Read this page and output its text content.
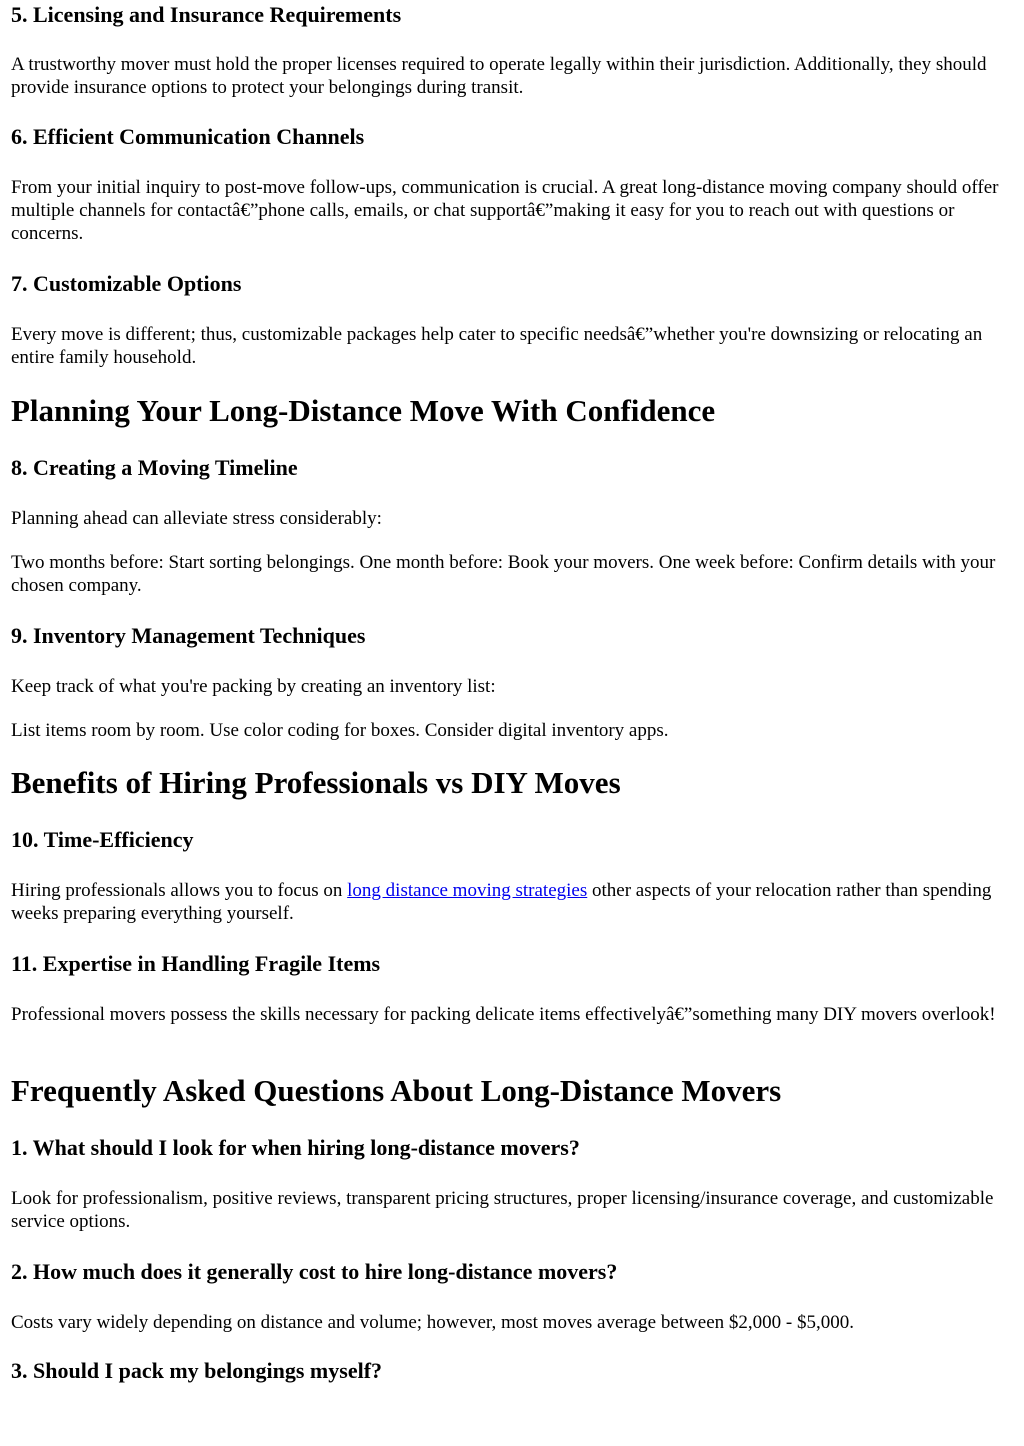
5. Licensing and Insurance Requirements

A trustworthy mover must hold the proper licenses required to operate legally within their jurisdiction. Additionally, they should provide insurance options to protect your belongings during transit.

6. Efficient Communication Channels

From your initial inquiry to post-move follow-ups, communication is crucial. A great long-distance moving company should offer multiple channels for contactâ€”phone calls, emails, or chat supportâ€”making it easy for you to reach out with questions or concerns.

7. Customizable Options

Every move is different; thus, customizable packages help cater to specific needsâ€”whether you're downsizing or relocating an entire family household.

Planning Your Long-Distance Move With Confidence
8. Creating a Moving Timeline

Planning ahead can alleviate stress considerably:

Two months before: Start sorting belongings. One month before: Book your movers. One week before: Confirm details with your chosen company.

9. Inventory Management Techniques

Keep track of what you're packing by creating an inventory list:

List items room by room. Use color coding for boxes. Consider digital inventory apps.

Benefits of Hiring Professionals vs DIY Moves
10. Time-Efficiency

Hiring professionals allows you to focus on long distance moving strategies other aspects of your relocation rather than spending weeks preparing everything yourself.

11. Expertise in Handling Fragile Items

Professional movers possess the skills necessary for packing delicate items effectivelyâ€”something many DIY movers overlook!

Frequently Asked Questions About Long-Distance Movers
1. What should I look for when hiring long-distance movers?

Look for professionalism, positive reviews, transparent pricing structures, proper licensing/insurance coverage, and customizable service options.

2. How much does it generally cost to hire long-distance movers?

Costs vary widely depending on distance and volume; however, most moves average between $2,000 - $5,000.

3. Should I pack my belongings myself?
